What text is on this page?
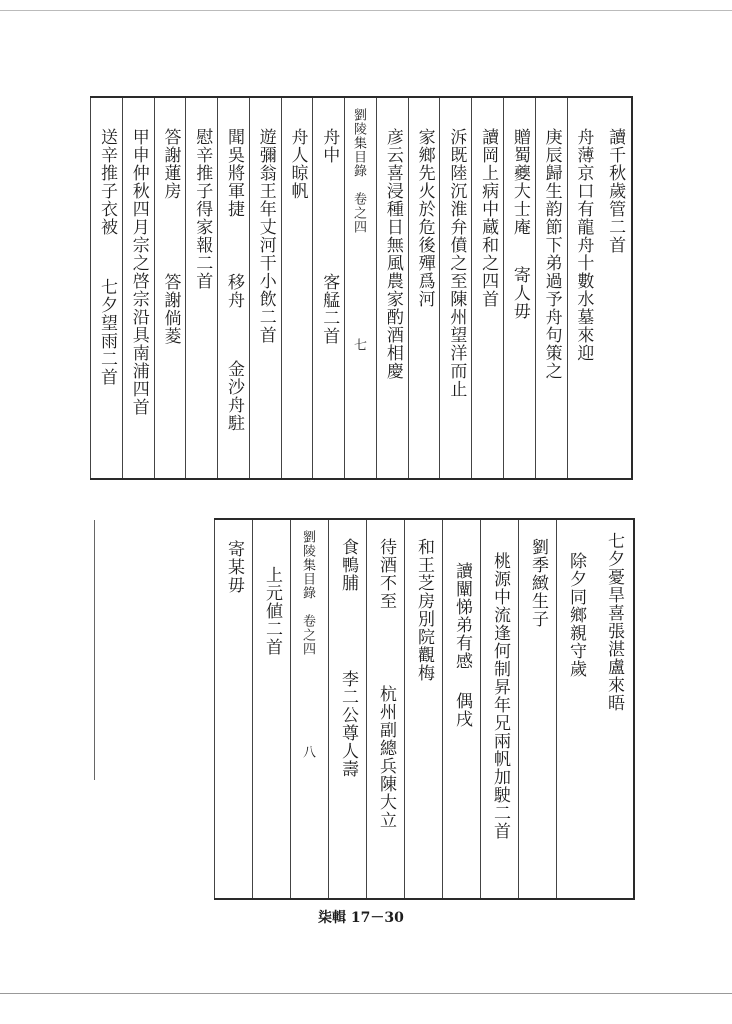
讀千秋歲管二首
舟薄京口有龍舟十數水墓來迎
庚辰歸生韵節下弟過予舟句策之
贈蜀夔大士庵
寄人毋
讀岡上病中蔵和之四首
泝既陸沉淮弁僨之至陳州望洋而止
家鄉先火於危後殫爲河
彦云喜浸種日無風農家酌酒相慶
劉陵集目錄　卷之四
七
舟中
客艋二首
舟人晾帆
遊彌翁王年丈河干小飲二首
聞吳將軍捷
移舟
金沙舟駐
慰辛推子得家報二首
答謝蓮房
答謝倘菱
甲申仲秋四月宗之啓宗沿具南浦四首
送辛推子衣被
七夕望雨二首
七夕憂旱喜張湛盧來晤
除夕同鄉親守歲
劉季緻生子
桃源中流逢何制昇年兄兩帆加駛二首
讀闡悌弟有感
偶戌
和王芝房別院觀梅
待酒不至
杭州副總兵陳大立
食鴨脯
李二公尊人壽
劉陵集目錄　卷之四
八
上元値二首
寄某毋
柒輯 17－30
